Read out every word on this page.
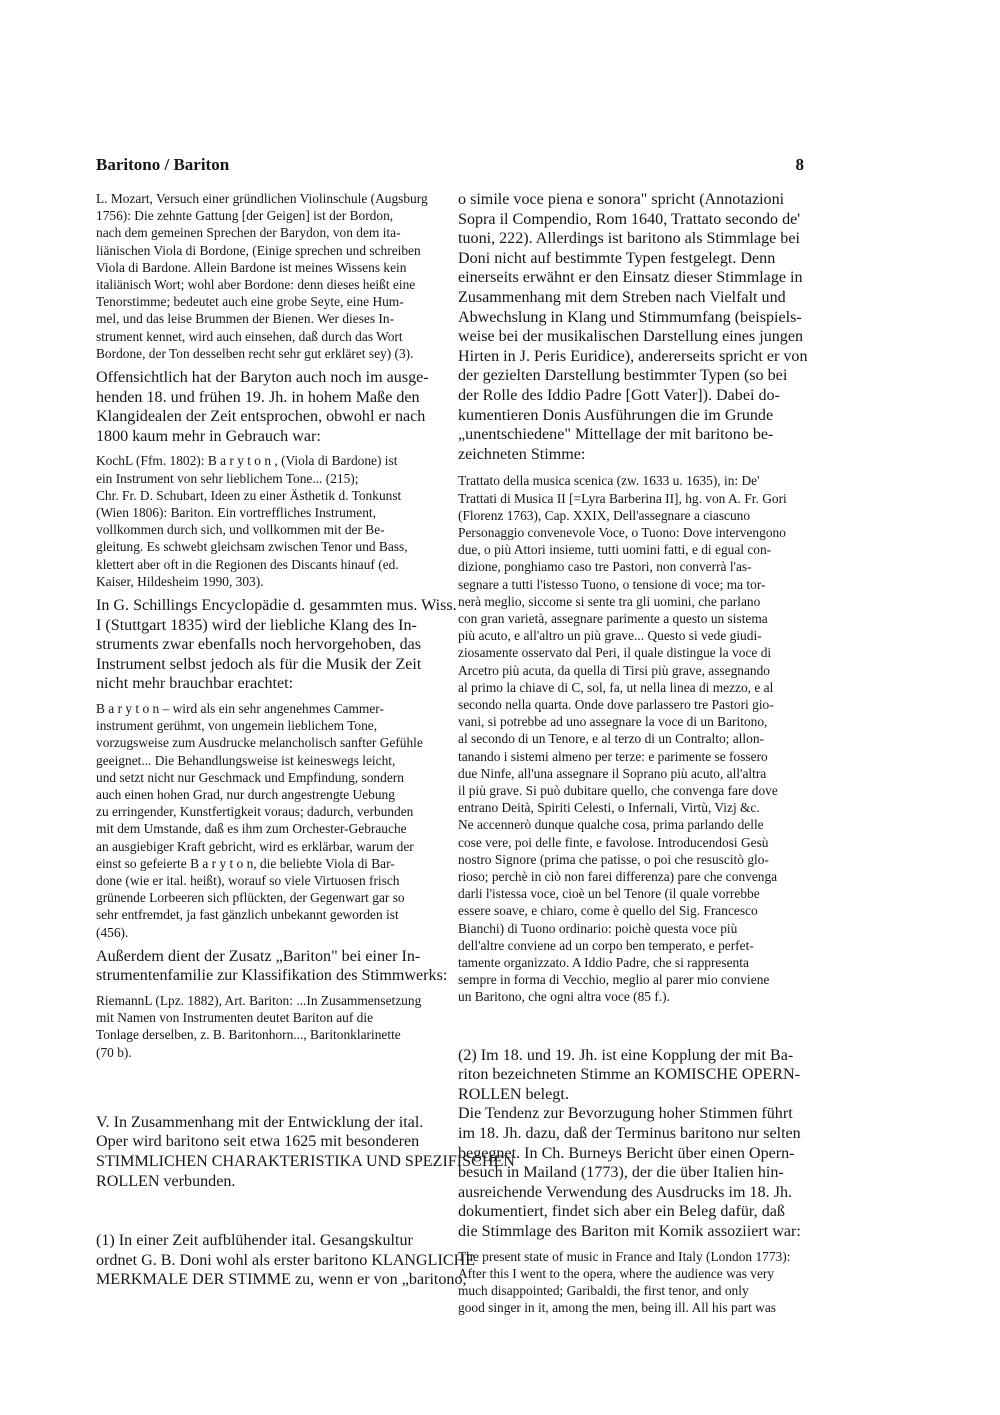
Baritono / Bariton	8
L. Mozart, Versuch einer gründlichen Violinschule (Augsburg
1756): Die zehnte Gattung [der Geigen] ist der Bordon,
nach dem gemeinen Sprechen der Barydon, von dem ita-
liänischen Viola di Bordone, (Einige sprechen und schreiben
Viola di Bardone. Allein Bardone ist meines Wissens kein
italiänisch Wort; wohl aber Bordone: denn dieses heißt eine
Tenorstimme; bedeutet auch eine grobe Seyte, eine Hum-
mel, und das leise Brummen der Bienen. Wer dieses In-
strument kennet, wird auch einsehen, daß durch das Wort
Bordone, der Ton desselben recht sehr gut erkläret sey) (3).
Offensichtlich hat der Baryton auch noch im ausge-
henden 18. und frühen 19. Jh. in hohem Maße den
Klangidealen der Zeit entsprochen, obwohl er nach
1800 kaum mehr in Gebrauch war:
KochL (Ffm. 1802): B a r y t o n , (Viola di Bardone) ist
ein Instrument von sehr lieblichem Tone... (215);
Chr. Fr. D. Schubart, Ideen zu einer Ästhetik d. Tonkunst
(Wien 1806): Bariton. Ein vortreffliches Instrument,
vollkommen durch sich, und vollkommen mit der Be-
gleitung. Es schwebt gleichsam zwischen Tenor und Bass,
klettert aber oft in die Regionen des Discants hinauf (ed.
Kaiser, Hildesheim 1990, 303).
In G. Schillings Encyclopädie d. gesammten mus. Wiss.
I (Stuttgart 1835) wird der liebliche Klang des In-
struments zwar ebenfalls noch hervorgehoben, das
Instrument selbst jedoch als für die Musik der Zeit
nicht mehr brauchbar erachtet:
B a r y t o n – wird als ein sehr angenehmes Cammer-
instrument gerühmt, von ungemein lieblichem Tone,
vorzugsweise zum Ausdrucke melancholisch sanfter Gefühle
geeignet... Die Behandlungsweise ist keineswegs leicht,
und setzt nicht nur Geschmack und Empfindung, sondern
auch einen hohen Grad, nur durch angestrengte Uebung
zu erringender, Kunstfertigkeit voraus; dadurch, verbunden
mit dem Umstande, daß es ihm zum Orchester-Gebrauche
an ausgiebiger Kraft gebricht, wird es erklärbar, warum der
einst so gefeierte B a r y t o n, die beliebte Viola di Bar-
done (wie er ital. heißt), worauf so viele Virtuosen frisch
grünende Lorbeeren sich pflückten, der Gegenwart gar so
sehr entfremdet, ja fast gänzlich unbekannt geworden ist
(456).
Außerdem dient der Zusatz „Bariton" bei einer In-
strumentenfamilie zur Klassifikation des Stimmwerks:
RiemannL (Lpz. 1882), Art. Bariton: ...In Zusammensetzung
mit Namen von Instrumenten deutet Bariton auf die
Tonlage derselben, z. B. Baritonhorn..., Baritonklarinette
(70 b).
V. In Zusammenhang mit der Entwicklung der ital.
Oper wird baritono seit etwa 1625 mit besonderen
STIMMLICHEN CHARAKTERISTIKA UND SPEZIFISCHEN
ROLLEN verbunden.
(1) In einer Zeit aufblühender ital. Gesangskultur
ordnet G. B. Doni wohl als erster baritono KLANGLICHE
MERKMALE DER STIMME zu, wenn er von „baritono,
o simile voce piena e sonora" spricht (Annotazioni
Sopra il Compendio, Rom 1640, Trattato secondo de'
tuoni, 222). Allerdings ist baritono als Stimmlage bei
Doni nicht auf bestimmte Typen festgelegt. Denn
einerseits erwähnt er den Einsatz dieser Stimmlage in
Zusammenhang mit dem Streben nach Vielfalt und
Abwechslung in Klang und Stimmumfang (beispiels-
weise bei der musikalischen Darstellung eines jungen
Hirten in J. Peris Euridice), andererseits spricht er von
der gezielten Darstellung bestimmter Typen (so bei
der Rolle des Iddio Padre [Gott Vater]). Dabei do-
kumentieren Donis Ausführungen die im Grunde
„unentschiedene" Mittellage der mit baritono be-
zeichneten Stimme:
Trattato della musica scenica (zw. 1633 u. 1635), in: De'
Trattati di Musica II [=Lyra Barberina II], hg. von A. Fr. Gori
(Florenz 1763), Cap. XXIX, Dell'assegnare a ciascuno
Personaggio convenevole Voce, o Tuono: Dove intervengono
due, o più Attori insieme, tutti uomini fatti, e di egual con-
dizione, ponghiamo caso tre Pastori, non converrà l'as-
segnare a tutti l'istesso Tuono, o tensione di voce; ma tor-
nerà meglio, siccome si sente tra gli uomini, che parlano
con gran varietà, assegnare parimente a questo un sistema
più acuto, e all'altro un più grave... Questo si vede giudi-
ziosamente osservato dal Peri, il quale distingue la voce di
Arcetro più acuta, da quella di Tirsi più grave, assegnando
al primo la chiave di C, sol, fa, ut nella linea di mezzo, e al
secondo nella quarta. Onde dove parlassero tre Pastori gio-
vani, si potrebbe ad uno assegnare la voce di un Baritono,
al secondo di un Tenore, e al terzo di un Contralto; allon-
tanando i sistemi almeno per terze: e parimente se fossero
due Ninfe, all'una assegnare il Soprano più acuto, all'altra
il più grave. Si può dubitare quello, che convenga fare dove
entrano Deità, Spiriti Celesti, o Infernali, Virtù, Vizj &c.
Ne accennerò dunque qualche cosa, prima parlando delle
cose vere, poi delle finte, e favolose. Introducendosi Gesù
nostro Signore (prima che patisse, o poi che resuscitò glo-
rioso; perchè in ciò non farei differenza) pare che convenga
darli l'istessa voce, cioè un bel Tenore (il quale vorrebbe
essere soave, e chiaro, come è quello del Sig. Francesco
Bianchi) di Tuono ordinario: poichè questa voce più
dell'altre conviene ad un corpo ben temperato, e perfet-
tamente organizzato. A Iddio Padre, che si rappresenta
sempre in forma di Vecchio, meglio al parer mio conviene
un Baritono, che ogni altra voce (85 f.).
(2) Im 18. und 19. Jh. ist eine Kopplung der mit Ba-
riton bezeichneten Stimme an KOMISCHE OPERN-
ROLLEN belegt.
Die Tendenz zur Bevorzugung hoher Stimmen führt
im 18. Jh. dazu, daß der Terminus baritono nur selten
begegnet. In Ch. Burneys Bericht über einen Opern-
besuch in Mailand (1773), der die über Italien hin-
ausreichende Verwendung des Ausdrucks im 18. Jh.
dokumentiert, findet sich aber ein Beleg dafür, daß
die Stimmlage des Bariton mit Komik assoziiert war:
The present state of music in France and Italy (London 1773):
After this I went to the opera, where the audience was very
much disappointed; Garibaldi, the first tenor, and only
good singer in it, among the men, being ill. All his part was
